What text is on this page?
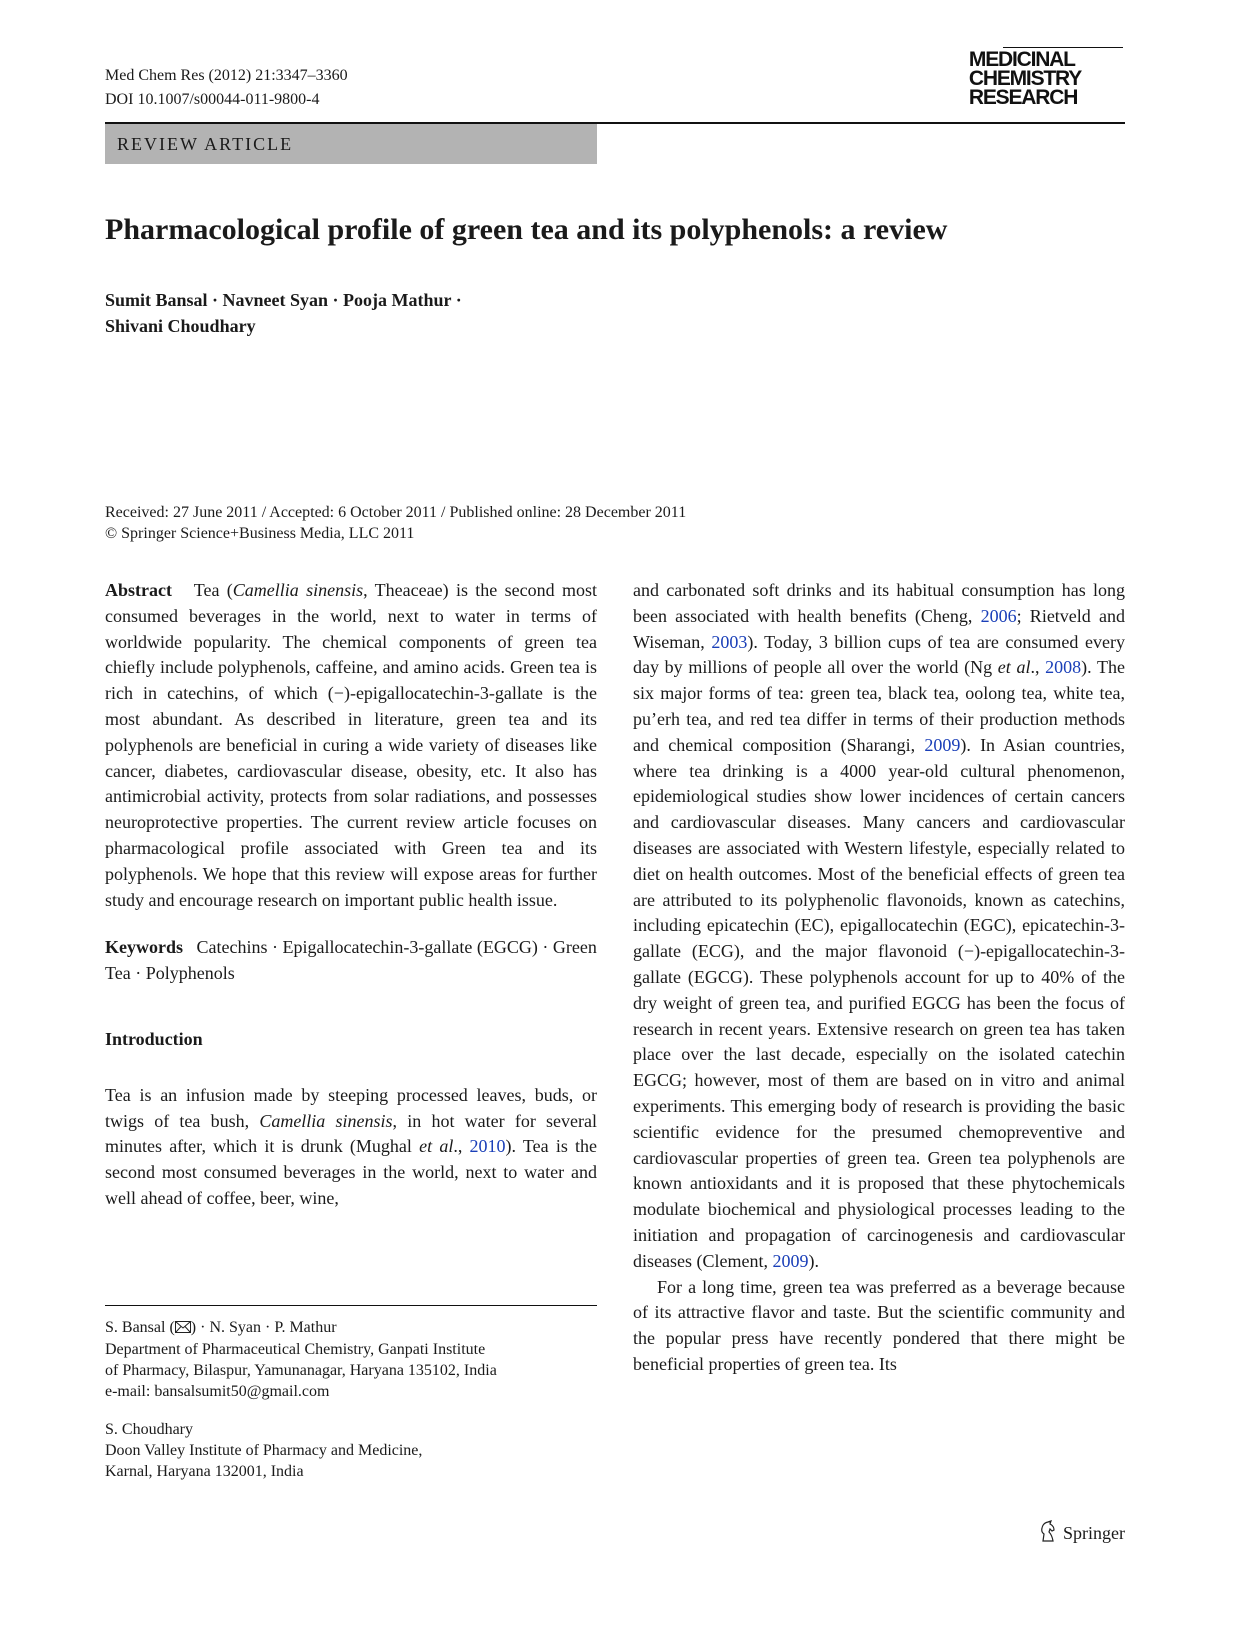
Med Chem Res (2012) 21:3347–3360
DOI 10.1007/s00044-011-9800-4
MEDICINAL
CHEMISTRY
RESEARCH
REVIEW ARTICLE
Pharmacological profile of green tea and its polyphenols: a review
Sumit Bansal · Navneet Syan · Pooja Mathur ·
Shivani Choudhary
Received: 27 June 2011 / Accepted: 6 October 2011 / Published online: 28 December 2011
© Springer Science+Business Media, LLC 2011

Abstract Tea (Camellia sinensis, Theaceae) is the second most consumed beverages in the world, next to water in terms of worldwide popularity. The chemical components of green tea chiefly include polyphenols, caffeine, and amino acids. Green tea is rich in catechins, of which (−)-epigallocatechin-3-gallate is the most abundant. As described in literature, green tea and its polyphenols are beneficial in curing a wide variety of diseases like cancer, diabetes, cardiovascular disease, obesity, etc. It also has antimicrobial activity, protects from solar radiations, and possesses neuroprotective properties. The current review article focuses on pharmacological profile associated with Green tea and its polyphenols. We hope that this review will expose areas for further study and encourage research on important public health issue.

Keywords Catechins · Epigallocatechin-3-gallate (EGCG) · Green Tea · Polyphenols

Introduction

Tea is an infusion made by steeping processed leaves, buds, or twigs of tea bush, Camellia sinensis, in hot water for several minutes after, which it is drunk (Mughal et al., 2010). Tea is the second most consumed beverages in the world, next to water and well ahead of coffee, beer, wine,

and carbonated soft drinks and its habitual consumption has long been associated with health benefits (Cheng, 2006; Rietveld and Wiseman, 2003). Today, 3 billion cups of tea are consumed every day by millions of people all over the world (Ng et al., 2008). The six major forms of tea: green tea, black tea, oolong tea, white tea, pu’erh tea, and red tea differ in terms of their production methods and chemical composition (Sharangi, 2009). In Asian countries, where tea drinking is a 4000 year-old cultural phenomenon, epidemiological studies show lower incidences of certain cancers and cardiovascular diseases. Many cancers and cardiovascular diseases are associated with Western lifestyle, especially related to diet on health outcomes. Most of the beneficial effects of green tea are attributed to its polyphenolic flavonoids, known as catechins, including epicatechin (EC), epigallocatechin (EGC), epicatechin-3-gallate (ECG), and the major flavonoid (−)-epigallocatechin-3-gallate (EGCG). These polyphenols account for up to 40% of the dry weight of green tea, and purified EGCG has been the focus of research in recent years. Extensive research on green tea has taken place over the last decade, especially on the isolated catechin EGCG; however, most of them are based on in vitro and animal experiments. This emerging body of research is providing the basic scientific evidence for the presumed chemopreventive and cardiovascular properties of green tea. Green tea polyphenols are known antioxidants and it is proposed that these phytochemicals modulate biochemical and physiological processes leading to the initiation and propagation of carcinogenesis and cardiovascular diseases (Clement, 2009).

For a long time, green tea was preferred as a beverage because of its attractive flavor and taste. But the scientific community and the popular press have recently pondered that there might be beneficial properties of green tea. Its

S. Bansal ( ) · N. Syan · P. Mathur
Department of Pharmaceutical Chemistry, Ganpati Institute
of Pharmacy, Bilaspur, Yamunanagar, Haryana 135102, India
e-mail: bansalsumit50@gmail.com
S. Choudhary
Doon Valley Institute of Pharmacy and Medicine,
Karnal, Haryana 132001, India
Springer
